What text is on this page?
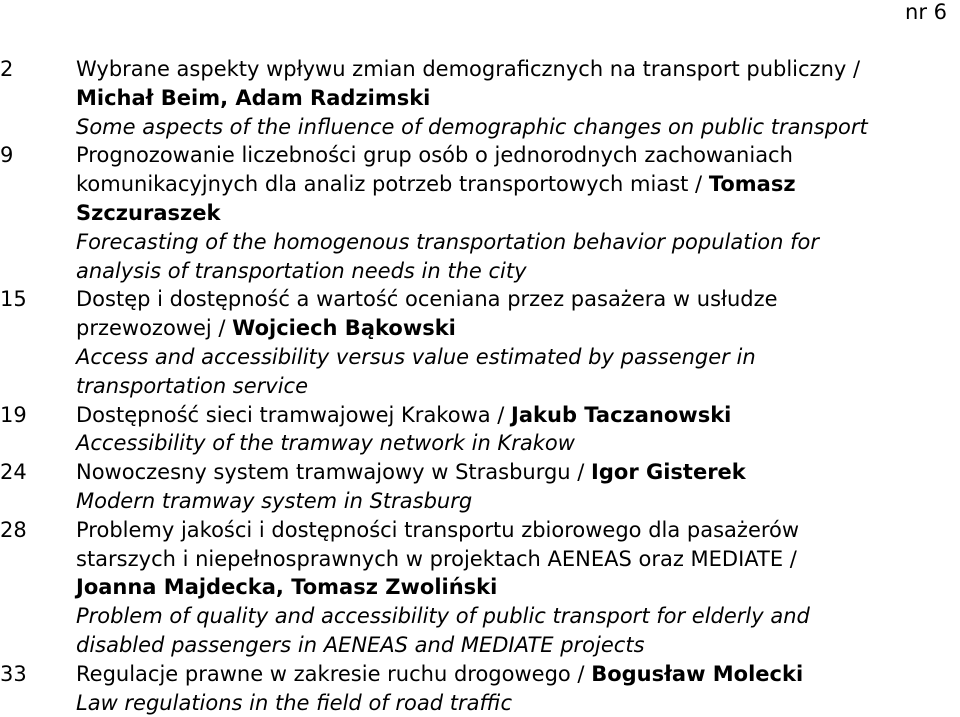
nr 6
2	Wybrane aspekty wpływu zmian demograficznych na transport publiczny /
Michał Beim, Adam Radzimski
Some aspects of the influence of demographic changes on public transport
9	Prognozowanie liczebności grup osób o jednorodnych zachowaniach
komunikacyjnych dla analiz potrzeb transportowych miast / Tomasz
Szczuraszek
Forecasting of the homogenous transportation behavior population for
analysis of transportation needs in the city
15	Dostęp i dostępność a wartość oceniana przez pasażera w usłudze
przewozowej / Wojciech Bąkowski
Access and accessibility versus value estimated by passenger in
transportation service
19	Dostępność sieci tramwajowej Krakowa / Jakub Taczanowski
Accessibility of the tramway network in Krakow
24	Nowoczesny system tramwajowy w Strasburgu / Igor Gisterek
Modern tramway system in Strasburg
28	Problemy jakości i dostępności transportu zbiorowego dla pasażerów
starszych i niepełnosprawnych w projektach AENEAS oraz MEDIATE /
Joanna Majdecka, Tomasz Zwoliński
Problem of quality and accessibility of public transport for elderly and
disabled passengers in AENEAS and MEDIATE projects
33	Regulacje prawne w zakresie ruchu drogowego / Bogusław Molecki
Law regulations in the field of road traffic
